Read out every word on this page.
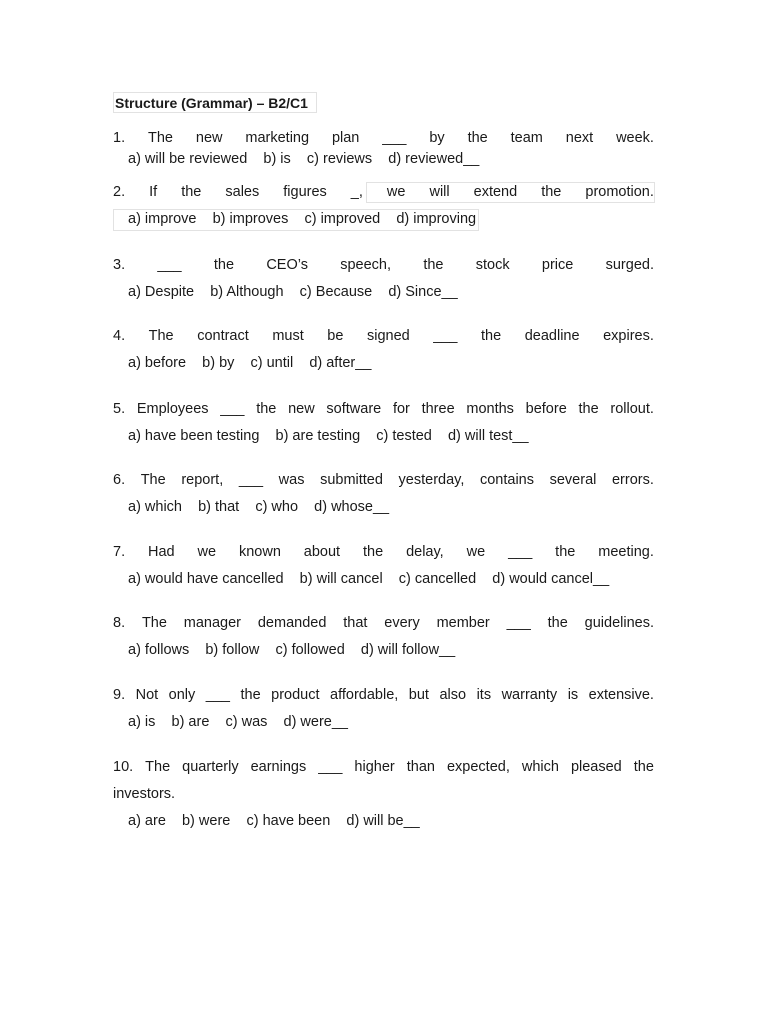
Structure (Grammar) – B2/C1
1. The new marketing plan ___ by the team next week.
a) will be reviewed    b) is    c) reviews    d) reviewed__
2. If the sales figures _, we will extend the promotion.
a) improve    b) improves    c) improved    d) improving
3. ___ the CEO’s speech, the stock price surged.
a) Despite    b) Although    c) Because    d) Since__
4. The contract must be signed ___ the deadline expires.
a) before    b) by    c) until    d) after__
5. Employees ___ the new software for three months before the rollout.
a) have been testing    b) are testing    c) tested    d) will test__
6. The report, ___ was submitted yesterday, contains several errors.
a) which    b) that    c) who    d) whose__
7. Had we known about the delay, we ___ the meeting.
a) would have cancelled    b) will cancel    c) cancelled    d) would cancel__
8. The manager demanded that every member ___ the guidelines.
a) follows    b) follow    c) followed    d) will follow__
9. Not only ___ the product affordable, but also its warranty is extensive.
a) is    b) are    c) was    d) were__
10. The quarterly earnings ___ higher than expected, which pleased the
investors.
a) are    b) were    c) have been    d) will be__
